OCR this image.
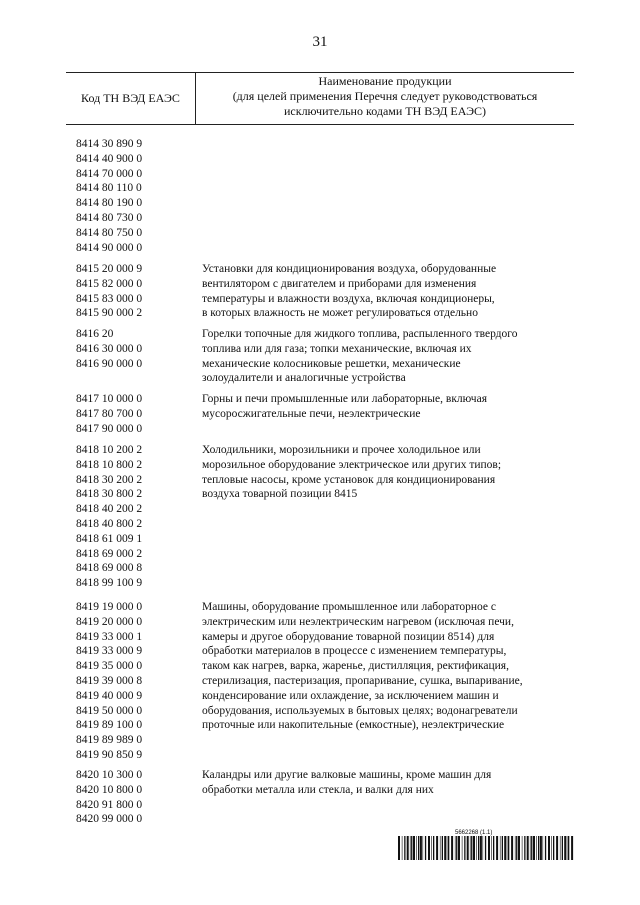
31
Код ТН ВЭД ЕАЭС
Наименование продукции
(для целей применения Перечня следует руководствоваться
исключительно кодами ТН ВЭД ЕАЭС)
8414 30 890 9
8414 40 900 0
8414 70 000 0
8414 80 110 0
8414 80 190 0
8414 80 730 0
8414 80 750 0
8414 90 000 0
8415 20 000 9
8415 82 000 0
8415 83 000 0
8415 90 000 2
Установки для кондиционирования воздуха, оборудованные
вентилятором с двигателем и приборами для изменения
температуры и влажности воздуха, включая кондиционеры,
в которых влажность не может регулироваться отдельно
8416 20
8416 30 000 0
8416 90 000 0
Горелки топочные для жидкого топлива, распыленного твердого
топлива или для газа; топки механические, включая их
механические колосниковые решетки, механические
золоудалители и аналогичные устройства
8417 10 000 0
8417 80 700 0
8417 90 000 0
Горны и печи промышленные или лабораторные, включая
мусоросжигательные печи, неэлектрические
8418 10 200 2
8418 10 800 2
8418 30 200 2
8418 30 800 2
8418 40 200 2
8418 40 800 2
8418 61 009 1
8418 69 000 2
8418 69 000 8
8418 99 100 9
Холодильники, морозильники и прочее холодильное или
морозильное оборудование электрическое или других типов;
тепловые насосы, кроме установок для кондиционирования
воздуха товарной позиции 8415
8419 19 000 0
8419 20 000 0
8419 33 000 1
8419 33 000 9
8419 35 000 0
8419 39 000 8
8419 40 000 9
8419 50 000 0
8419 89 100 0
8419 89 989 0
8419 90 850 9
Машины, оборудование промышленное или лабораторное с
электрическим или неэлектрическим нагревом (исключая печи,
камеры и другое оборудование товарной позиции 8514) для
обработки материалов в процессе с изменением температуры,
таком как нагрев, варка, жаренье, дистилляция, ректификация,
стерилизация, пастеризация, пропаривание, сушка, выпаривание,
конденсирование или охлаждение, за исключением машин и
оборудования, используемых в бытовых целях; водонагреватели
проточные или накопительные (емкостные), неэлектрические
8420 10 300 0
8420 10 800 0
8420 91 800 0
8420 99 000 0
Каландры или другие валковые машины, кроме машин для
обработки металла или стекла, и валки для них
5662268 (1.1)
